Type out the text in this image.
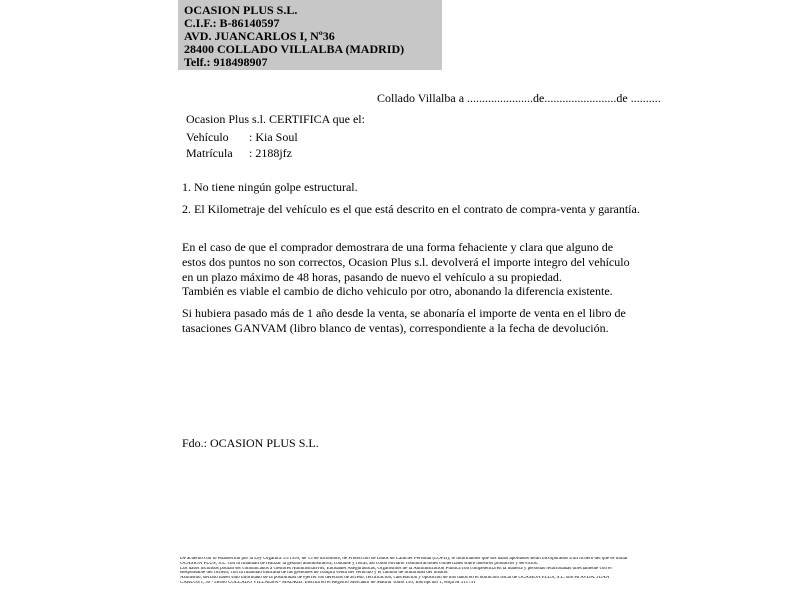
OCASION PLUS S.L.
C.I.F.: B-86140597
AVD. JUANCARLOS I, Nº36
28400 COLLADO VILLALBA (MADRID)
Telf.: 918498907
Collado Villalba a ......................de........................de ..........
Ocasion Plus s.l. CERTIFICA que el:
Vehículo : Kia Soul
Matrícula : 2188jfz
1. No tiene ningún golpe estructural.
2. El Kilometraje del vehículo es el que está descrito en el contrato de compra-venta y garantía.
En el caso de que el comprador demostrara de una forma fehaciente y clara que alguno de estos dos puntos no son correctos, Ocasion Plus s.l. devolverá el importe integro del vehículo en un plazo máximo de 48 horas, pasando de nuevo el vehículo a su propiedad.
También es viable el cambio de dicho vehiculo por otro, abonando la diferencia existente.
Si hubiera pasado más de 1 año desde la venta, se abonaría el importe de venta en el libro de tasaciones GANVAM (libro blanco de ventas), correspondiente a la fecha de devolución.
Fdo.: OCASION PLUS S.L.
De acuerdo con lo establecido por la Ley Orgánica 15/1999, de 13 de diciembre, de Protección de Datos de Carácter Personal (LOPD), le informamos que sus datos aportados serán incorporados a un fichero del que es titular
OCASION PLUS, S.L. con la finalidad de realizar la gestión administrativa, contable y fiscal, así como enviarle comunicaciones comerciales sobre nuestros productos y servicios.
Los datos incluidos podrán ser comunicados a Gestores Administrativos, Entidades Aseguradoras, Organismos de la Administración Pública con competencia en la materia y personas relacionadas directamente con el
Responsable del fichero; con la finalidad indicada de las gestiones de compra venta del vehículo y el cambio de titularidad del mismo.
Asimismo, declaro haber sido informado de la posibilidad de ejercer los derechos de acceso, rectificación, cancelación y oposición de mis datos en el domicilio fiscal de OCASIÓN PLUS, S.L. sito en AVDA. JUAN
CARLOS I, 36 - 28400 COLLADO VILLALBA - MADRID. Inscrita en el Registro Mercantil de Madrid Tomo 156, Inscripción 1, Hoja M 511731
